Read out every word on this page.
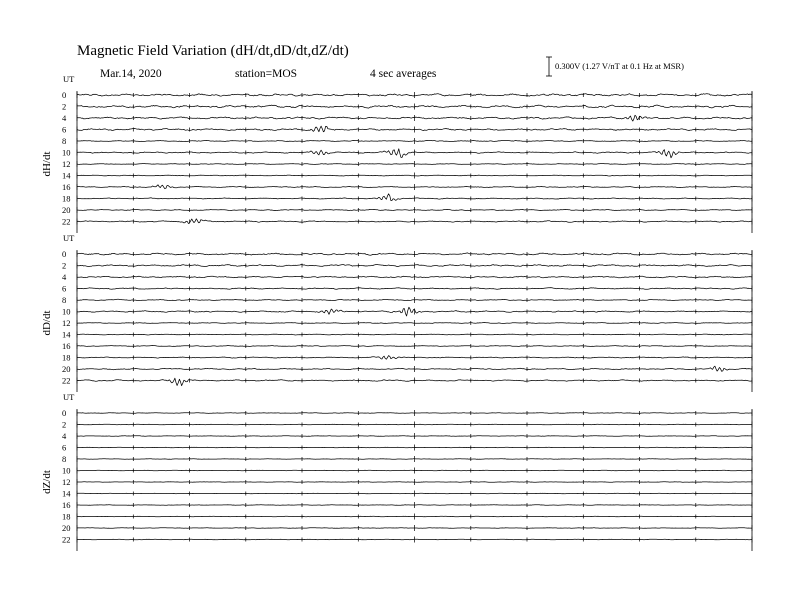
Magnetic Field Variation (dH/dt,dD/dt,dZ/dt)
Mar.14, 2020	station=MOS	4 sec averages
0.300V (1.27 V/nT at 0.1 Hz at MSR)
UT
dH/dt
0
2
4
6
8
10
12
14
16
18
20
22
UT
dD/dt
0
2
4
6
8
10
12
14
16
18
20
22
UT
dZ/dt
0
2
4
6
8
10
12
14
16
18
20
22
